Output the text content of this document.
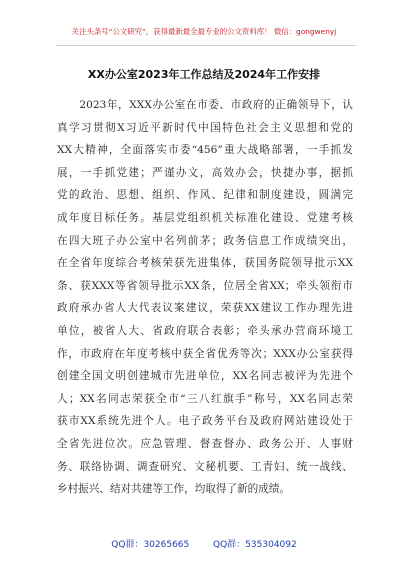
关注头条号“公文研究”，获得最新最全最专业的公文资料库！ 微信：gongwenyj
XX办公室2023年工作总结及2024年工作安排
　　2023年，XXX办公室在市委、市政府的正确领导下，认
真学习贯彻X习近平新时代中国特色社会主义思想和党的
XX大精神，全面落实市委“456”重大战略部署，一手抓发
展，一手抓党建；严谨办文，高效办会，快捷办事，据抓
党的政治、思想、组织、作风、纪律和制度建设，圆满完
成年度目标任务。基层党组织机关标准化建设、党建考核
在四大班子办公室中名列前茅；政务信息工作成绩突出，
在全省年度综合考核荣获先进集体，获国务院领导批示XX
条、获XXX等省领导批示XX条，位居全省XX；牵头领衔市
政府承办省人大代表议案建议，荣获XX建议工作办理先进
单位，被省人大、省政府联合表彰；牵头承办营商环境工
作，市政府在年度考核中获全省优秀等次；XXX办公室获得
创建全国文明创建城市先进单位，XX名同志被评为先进个
人；XX名同志荣获全市“三八红旗手”称号，XX名同志荣
获市XX系统先进个人。电子政务平台及政府网站建设处于
全省先进位次。应急管理、督查督办、政务公开、人事财
务、联络协调、调查研究、文秘机要、工青妇、统一战线、
乡村振兴、结对共建等工作，均取得了新的成绩。
QQ群：30265665	QQ群：535304092
